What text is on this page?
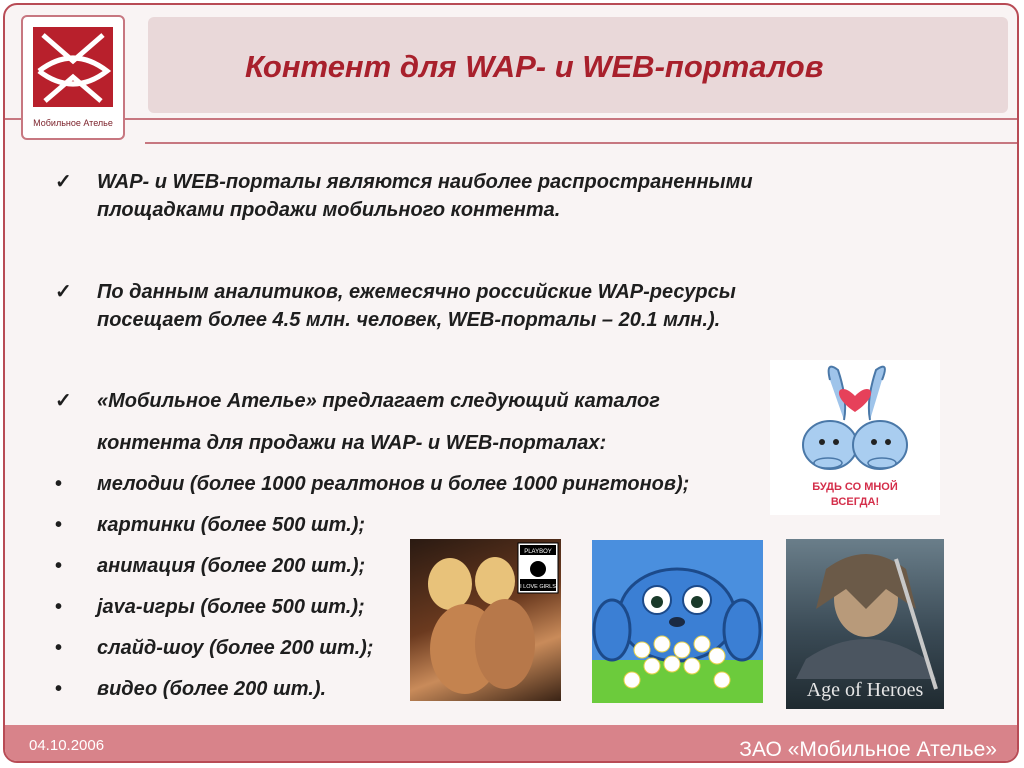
Мобильное Ателье
Контент для WAP- и WEB-порталов
✓	WAP- и WEB-порталы являются наиболее распространенными площадками продажи мобильного контента.
✓	По данным аналитиков, ежемесячно российские WAP-ресурсы посещает более 4.5 млн. человек, WEB-порталы – 20.1 млн.).
✓	«Мобильное Ателье» предлагает следующий каталог
контента для продажи на WAP- и WEB-порталах:
•	мелодии (более 1000 реалтонов и более 1000 рингтонов);
•	картинки (более 500 шт.);
•	анимация (более 200 шт.);
•	java-игры (более 500 шт.);
•	слайд-шоу (более 200 шт.);
•	видео (более 200 шт.).
БУДЬ СО МНОЙ
ВСЕГДА!
PLAYBOY
I LOVE GIRLS
Age of Heroes
04.10.2006	ЗАО «Мобильное Ателье»
